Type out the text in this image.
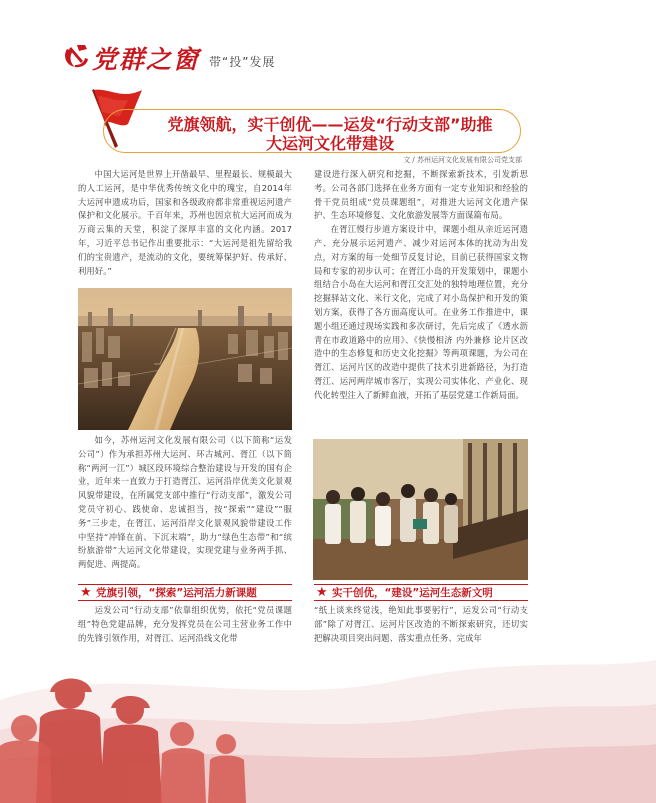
党群之窗 带“投”发展
党旗领航，实干创优——运发“行动支部”助推
大运河文化带建设
文 / 苏州运河文化发展有限公司党支部

中国大运河是世界上开凿最早、里程最长、规模最大的人工运河，是中华优秀传统文化中的瑰宝，自2014年大运河申遗成功后，国家和各级政府都非常重视运河遗产保护和文化展示。千百年来，苏州也因京杭大运河而成为万商云集的天堂，积淀了深厚丰富的文化内涵。2017年，习近平总书记作出重要批示：“大运河是祖先留给我们的宝贵遗产，是流动的文化，要统筹保护好、传承好、利用好。”

如今，苏州运河文化发展有限公司（以下简称“运发公司”）作为承担苏州大运河、环古城河、胥江（以下简称“两河一江”）城区段环境综合整治建设与开发的国有企业，近年来一直致力于打造胥江、运河沿岸优美文化景观风貌带建设，在所属党支部中推行“行动支部”，激发公司党员守初心、践使命、忠诚担当，按“探索”“建设”“服务”三步走，在胥江、运河沿岸文化景观风貌带建设工作中坚持“冲锋在前、下沉末端”，助力“绿色生态带”和“缤纷旅游带”大运河文化带建设，实现党建与业务两手抓、两促进、两提高。

★ 党旗引领，“探索”运河活力新课题

运发公司“行动支部”依靠组织优势，依托“党员课题组”特色党建品牌，充分发挥党员在公司主营业务工作中的先锋引领作用，对胥江、运河沿线文化带

建设进行深入研究和挖掘，不断探索新技术，引发新思考。公司各部门选择在业务方面有一定专业知识和经验的骨干党员组成“党员课题组”，对推进大运河文化遗产保护、生态环境修复、文化旅游发展等方面谋篇布局。

在胥江慢行步道方案设计中，课题小组从亲近运河遗产、充分展示运河遗产、减少对运河本体的扰动为出发点，对方案的每一处细节反复讨论，目前已获得国家文物局和专家的初步认可；在胥江小岛的开发策划中，课题小组结合小岛在大运河和胥江交汇处的独特地理位置，充分挖掘驿站文化、米行文化，完成了对小岛保护和开发的策划方案，获得了各方面高度认可。在业务工作推进中，课题小组还通过现场实践和多次研讨，先后完成了《透水沥青在市政道路中的应用》、《快慢相济 内外兼修 论片区改造中的生态修复和历史文化挖掘》等两项课题，为公司在胥江、运河片区的改造中提供了技术引进新路径，为打造胥江、运河两岸城市客厅，实现公司实体化、产业化、现代化转型注入了新鲜血液，开拓了基层党建工作新局面。

★ 实干创优，“建设”运河生态新文明

“纸上谈来终觉浅，绝知此事要躬行”，运发公司“行动支部”除了对胥江、运河片区改造的不断探索研究，还切实把解决项目突出问题、落实重点任务、完成年
